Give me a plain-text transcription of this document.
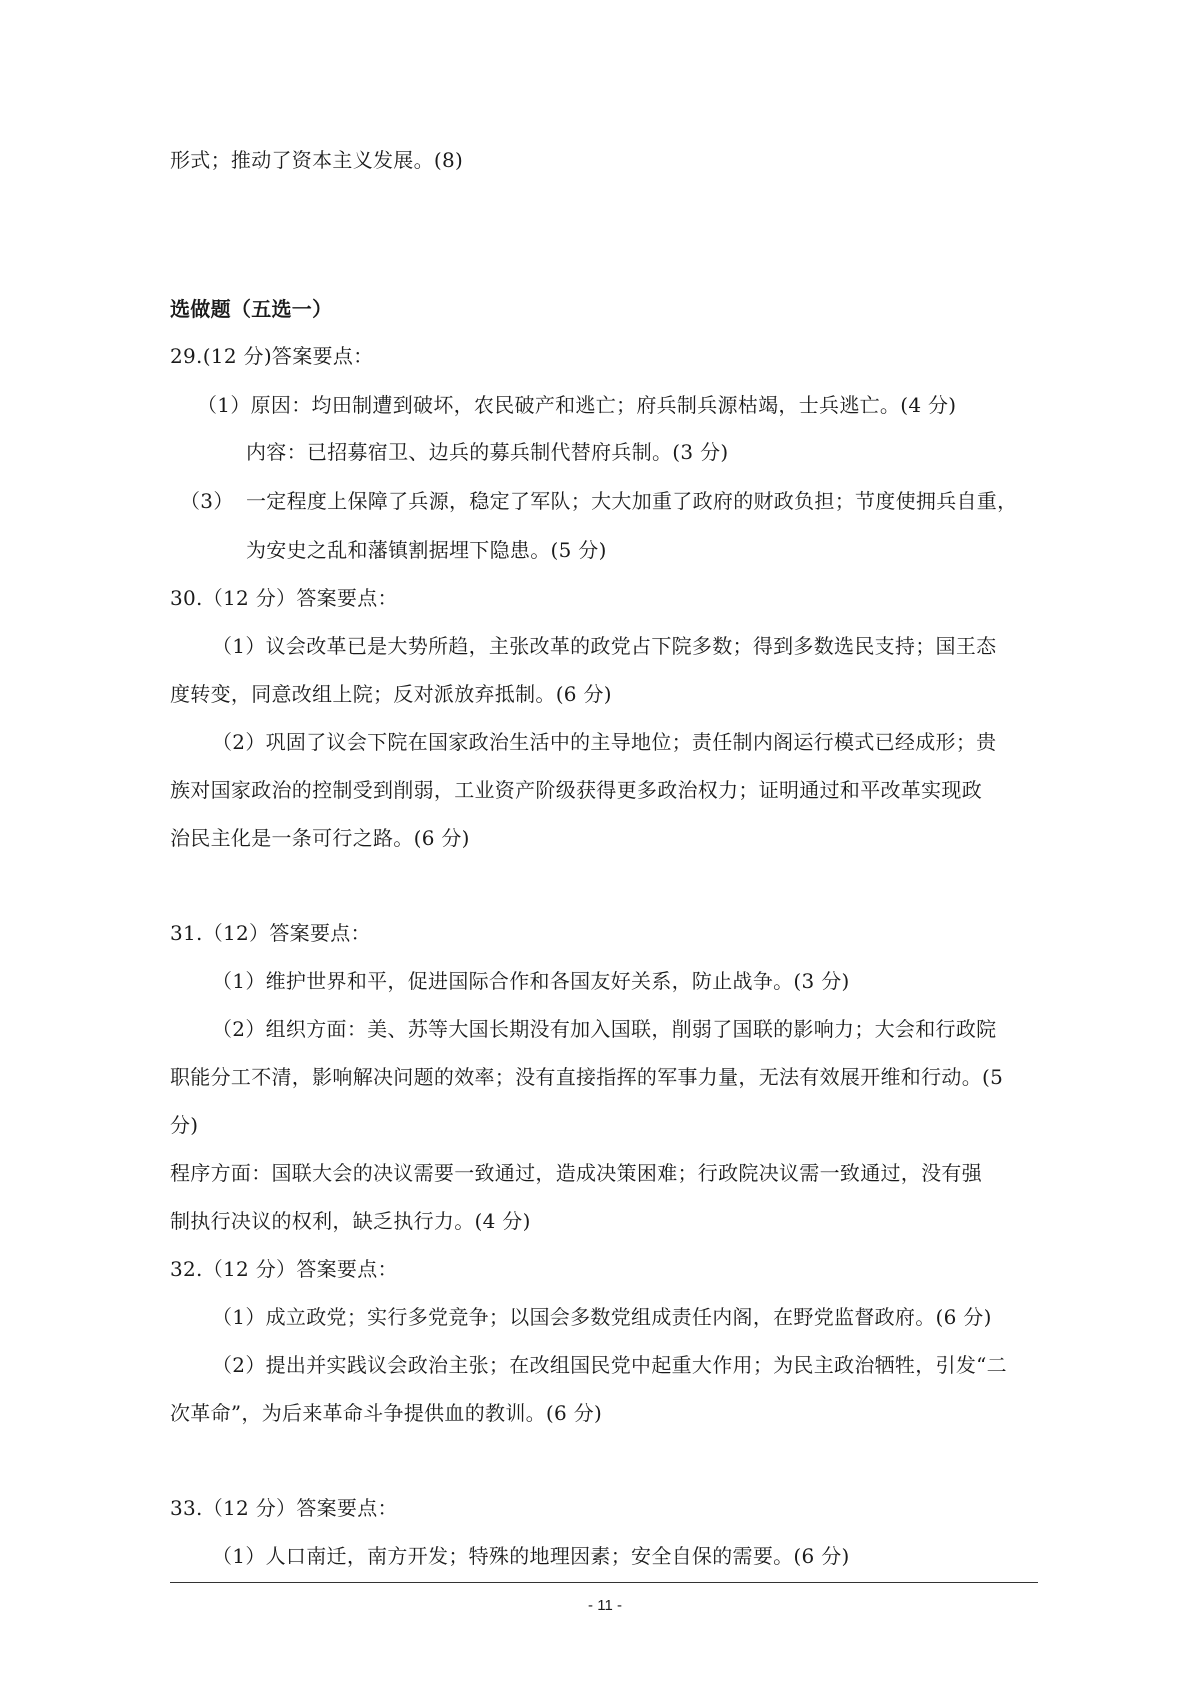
形式；推动了资本主义发展。(8)
选做题（五选一）
29.(12 分)答案要点：
（1）原因：均田制遭到破坏，农民破产和逃亡；府兵制兵源枯竭，士兵逃亡。(4 分)
内容：已招募宿卫、边兵的募兵制代替府兵制。(3 分)
（3） 一定程度上保障了兵源，稳定了军队；大大加重了政府的财政负担；节度使拥兵自重，
为安史之乱和藩镇割据埋下隐患。(5 分)
30.（12 分）答案要点：
（1）议会改革已是大势所趋，主张改革的政党占下院多数；得到多数选民支持；国王态
度转变，同意改组上院；反对派放弃抵制。(6 分)
（2）巩固了议会下院在国家政治生活中的主导地位；责任制内阁运行模式已经成形；贵
族对国家政治的控制受到削弱，工业资产阶级获得更多政治权力；证明通过和平改革实现政
治民主化是一条可行之路。(6 分)
31.（12）答案要点：
（1）维护世界和平，促进国际合作和各国友好关系，防止战争。(3 分)
（2）组织方面：美、苏等大国长期没有加入国联，削弱了国联的影响力；大会和行政院
职能分工不清，影响解决问题的效率；没有直接指挥的军事力量，无法有效展开维和行动。(5
分)
程序方面：国联大会的决议需要一致通过，造成决策困难；行政院决议需一致通过，没有强
制执行决议的权利，缺乏执行力。(4 分)
32.（12 分）答案要点：
（1）成立政党；实行多党竞争；以国会多数党组成责任内阁，在野党监督政府。(6 分)
（2）提出并实践议会政治主张；在改组国民党中起重大作用；为民主政治牺牲，引发“二
次革命”，为后来革命斗争提供血的教训。(6 分)
33.（12 分）答案要点：
（1）人口南迁，南方开发；特殊的地理因素；安全自保的需要。(6 分)
- 11 -
